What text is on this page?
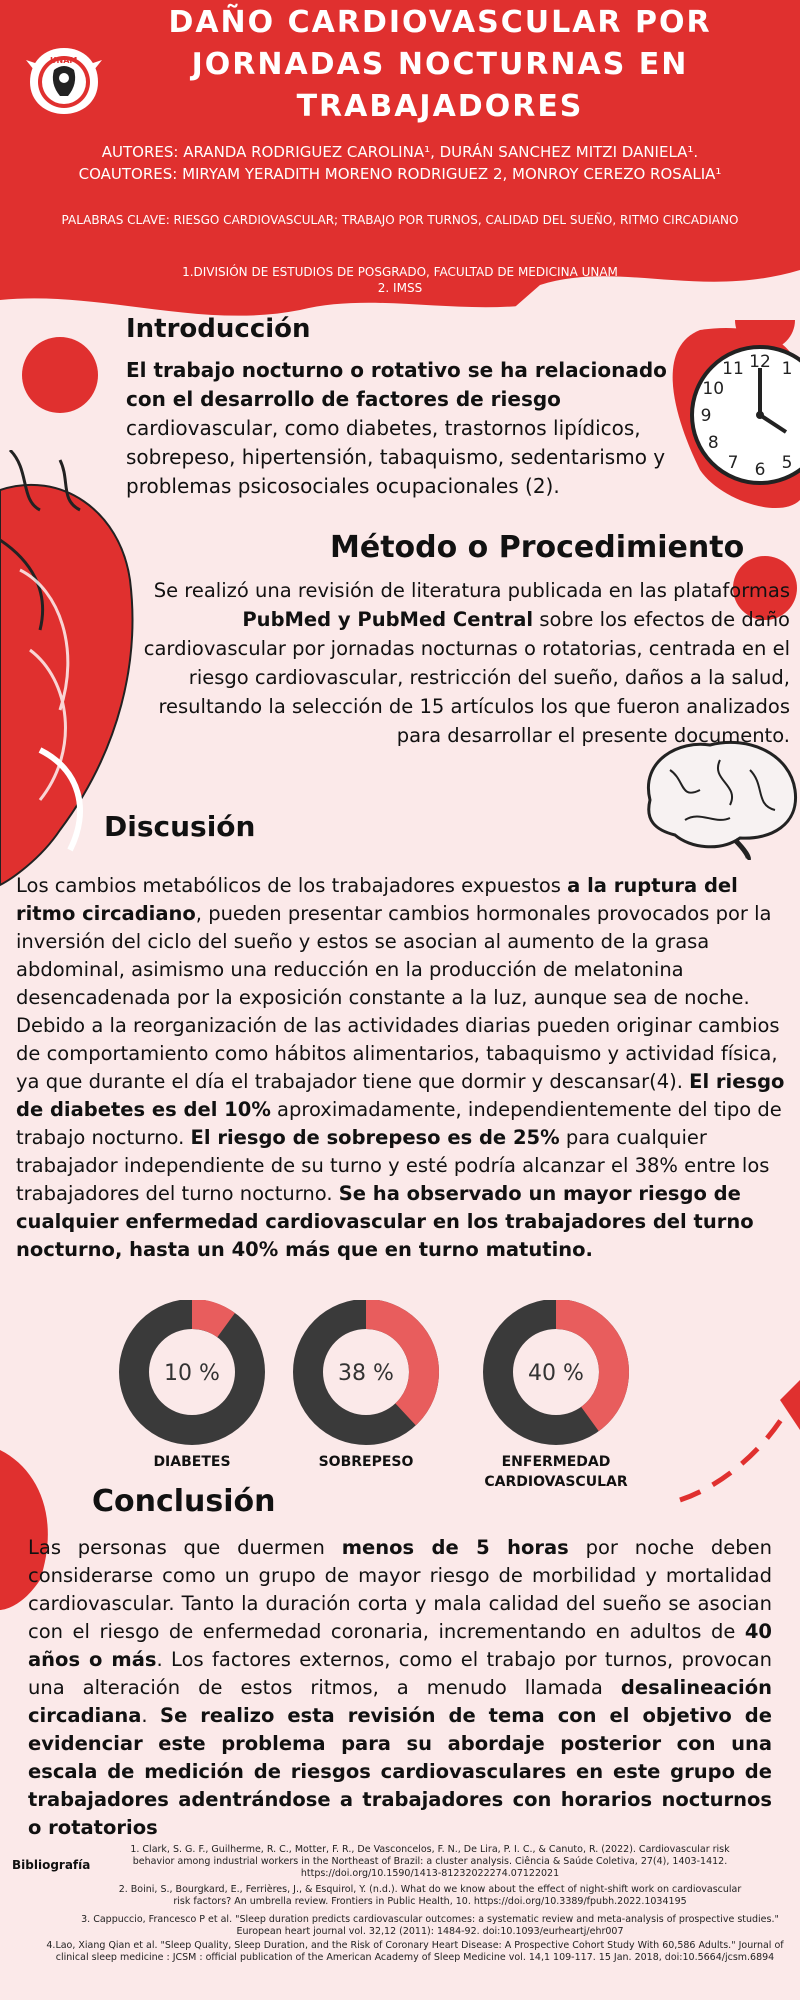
UNAM
DAÑO CARDIOVASCULAR POR
JORNADAS NOCTURNAS EN
TRABAJADORES
AUTORES: ARANDA RODRIGUEZ CAROLINA¹, DURÁN SANCHEZ MITZI DANIELA¹.
COAUTORES: MIRYAM YERADITH MORENO RODRIGUEZ 2, MONROY CEREZO ROSALIA¹
PALABRAS CLAVE: RIESGO CARDIOVASCULAR; TRABAJO POR TURNOS, CALIDAD DEL SUEÑO, RITMO CIRCADIANO
1.DIVISIÓN DE ESTUDIOS DE POSGRADO, FACULTAD DE MEDICINA UNAM
2. IMSS
12 1
5
6
7
8
9
10
11
Introducción
El trabajo nocturno o rotativo se ha relacionado con el desarrollo de factores de riesgo cardiovascular, como diabetes, trastornos lipídicos, sobrepeso, hipertensión, tabaquismo, sedentarismo y problemas psicosociales ocupacionales (2).
Método o Procedimiento
Se realizó una revisión de literatura publicada en las plataformas PubMed y PubMed Central sobre los efectos de daño cardiovascular por jornadas nocturnas o rotatorias, centrada en el riesgo cardiovascular, restricción del sueño, daños a la salud, resultando la selección de 15 artículos los que fueron analizados para desarrollar el presente documento.
Discusión
Los cambios metabólicos de los trabajadores expuestos a la ruptura del ritmo circadiano, pueden presentar cambios hormonales provocados por la inversión del ciclo del sueño y estos se asocian al aumento de la grasa abdominal, asimismo una reducción en la producción de melatonina desencadenada por la exposición constante a la luz, aunque sea de noche. Debido a la reorganización de las actividades diarias pueden originar cambios de comportamiento como hábitos alimentarios, tabaquismo y actividad física, ya que durante el día el trabajador tiene que dormir y descansar(4). El riesgo de diabetes es del 10% aproximadamente, independientemente del tipo de trabajo nocturno. El riesgo de sobrepeso es de 25% para cualquier trabajador independiente de su turno y esté podría alcanzar el 38% entre los trabajadores del turno nocturno. Se ha observado un mayor riesgo de cualquier enfermedad cardiovascular en los trabajadores del turno nocturno, hasta un 40% más que en turno matutino.
10 %	38 %	40 %
DIABETES	SOBREPESO	ENFERMEDAD CARDIOVASCULAR
Conclusión
Las personas que duermen menos de 5 horas por noche deben considerarse como un grupo de mayor riesgo de morbilidad y mortalidad cardiovascular. Tanto la duración corta y mala calidad del sueño se asocian con el riesgo de enfermedad coronaria, incrementando en adultos de 40 años o más. Los factores externos, como el trabajo por turnos, provocan una alteración de estos ritmos, a menudo llamada desalineación circadiana. Se realizo esta revisión de tema con el objetivo de evidenciar este problema para su abordaje posterior con una escala de medición de riesgos cardiovasculares en este grupo de trabajadores adentrándose a trabajadores con horarios nocturnos o rotatorios
Bibliografía
1. Clark, S. G. F., Guilherme, R. C., Motter, F. R., De Vasconcelos, F. N., De Lira, P. I. C., & Canuto, R. (2022). Cardiovascular risk behavior among industrial workers in the Northeast of Brazil: a cluster analysis. Ciência & Saúde Coletiva, 27(4), 1403-1412. https://doi.org/10.1590/1413-81232022274.07122021
2. Boini, S., Bourgkard, E., Ferrières, J., & Esquirol, Y. (n.d.). What do we know about the effect of night-shift work on cardiovascular risk factors? An umbrella review. Frontiers in Public Health, 10. https://doi.org/10.3389/fpubh.2022.1034195
3. Cappuccio, Francesco P et al. "Sleep duration predicts cardiovascular outcomes: a systematic review and meta-analysis of prospective studies." European heart journal vol. 32,12 (2011): 1484-92. doi:10.1093/eurheartj/ehr007
4.Lao, Xiang Qian et al. "Sleep Quality, Sleep Duration, and the Risk of Coronary Heart Disease: A Prospective Cohort Study With 60,586 Adults." Journal of clinical sleep medicine : JCSM : official publication of the American Academy of Sleep Medicine vol. 14,1 109-117. 15 Jan. 2018, doi:10.5664/jcsm.6894
